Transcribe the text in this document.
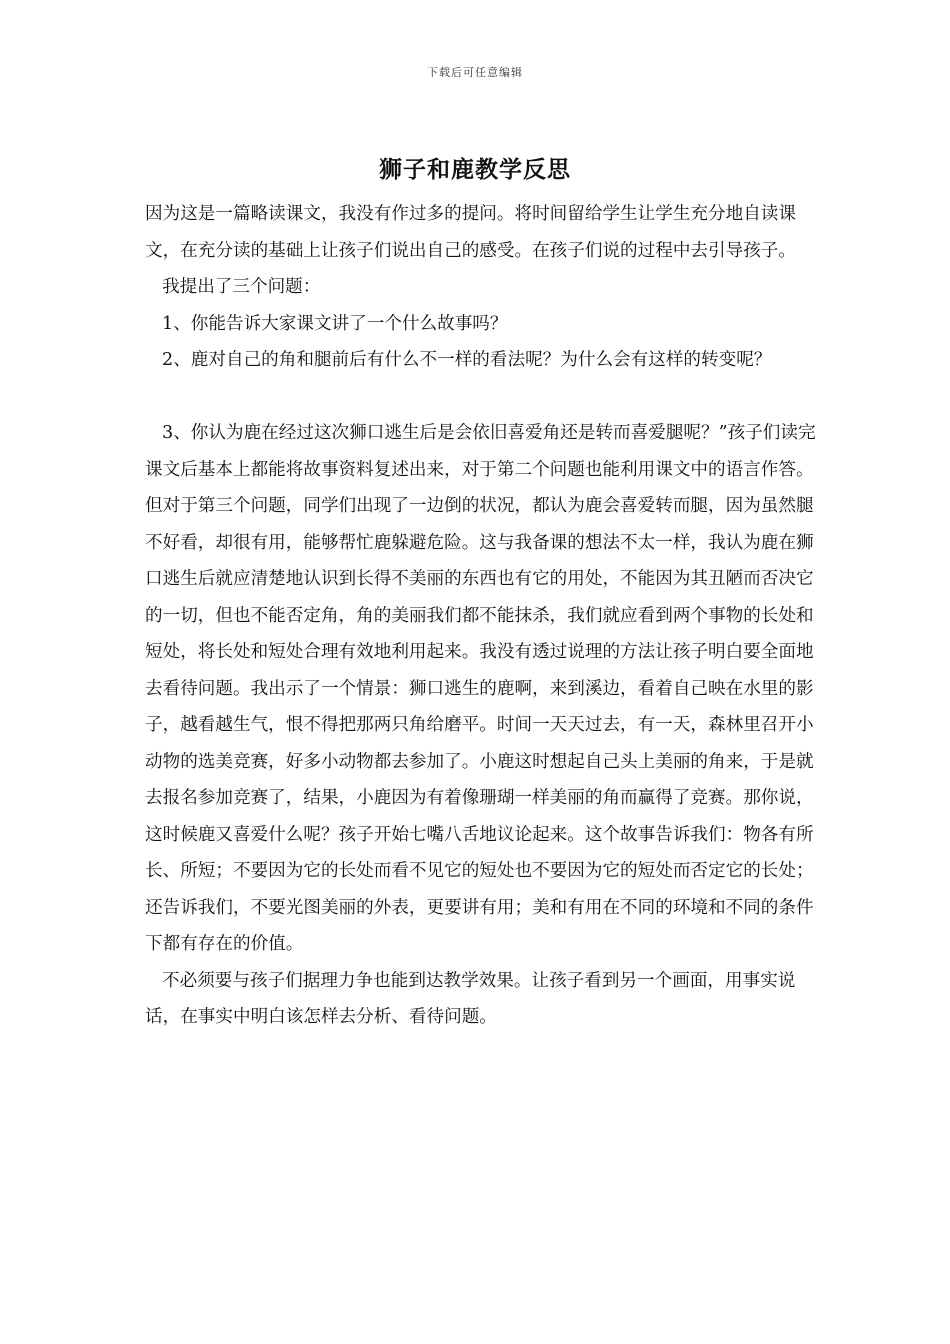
下载后可任意编辑
狮子和鹿教学反思

因为这是一篇略读课文，我没有作过多的提问。将时间留给学生让学生充分地自读课文，在充分读的基础上让孩子们说出自己的感受。在孩子们说的过程中去引导孩子。

我提出了三个问题：

1、你能告诉大家课文讲了一个什么故事吗？

2、鹿对自己的角和腿前后有什么不一样的看法呢？为什么会有这样的转变呢？

3、你认为鹿在经过这次狮口逃生后是会依旧喜爱角还是转而喜爱腿呢？”孩子们读完课文后基本上都能将故事资料复述出来，对于第二个问题也能利用课文中的语言作答。但对于第三个问题，同学们出现了一边倒的状况，都认为鹿会喜爱转而腿，因为虽然腿不好看，却很有用，能够帮忙鹿躲避危险。这与我备课的想法不太一样，我认为鹿在狮口逃生后就应清楚地认识到长得不美丽的东西也有它的用处，不能因为其丑陋而否决它的一切，但也不能否定角，角的美丽我们都不能抹杀，我们就应看到两个事物的长处和短处，将长处和短处合理有效地利用起来。我没有透过说理的方法让孩子明白要全面地去看待问题。我出示了一个情景：狮口逃生的鹿啊，来到溪边，看着自己映在水里的影子，越看越生气，恨不得把那两只角给磨平。时间一天天过去，有一天，森林里召开小动物的选美竞赛，好多小动物都去参加了。小鹿这时想起自己头上美丽的角来，于是就去报名参加竞赛了，结果，小鹿因为有着像珊瑚一样美丽的角而赢得了竞赛。那你说，这时候鹿又喜爱什么呢？孩子开始七嘴八舌地议论起来。这个故事告诉我们：物各有所长、所短；不要因为它的长处而看不见它的短处也不要因为它的短处而否定它的长处；还告诉我们，不要光图美丽的外表，更要讲有用；美和有用在不同的环境和不同的条件下都有存在的价值。

不必须要与孩子们据理力争也能到达教学效果。让孩子看到另一个画面，用事实说话，在事实中明白该怎样去分析、看待问题。
